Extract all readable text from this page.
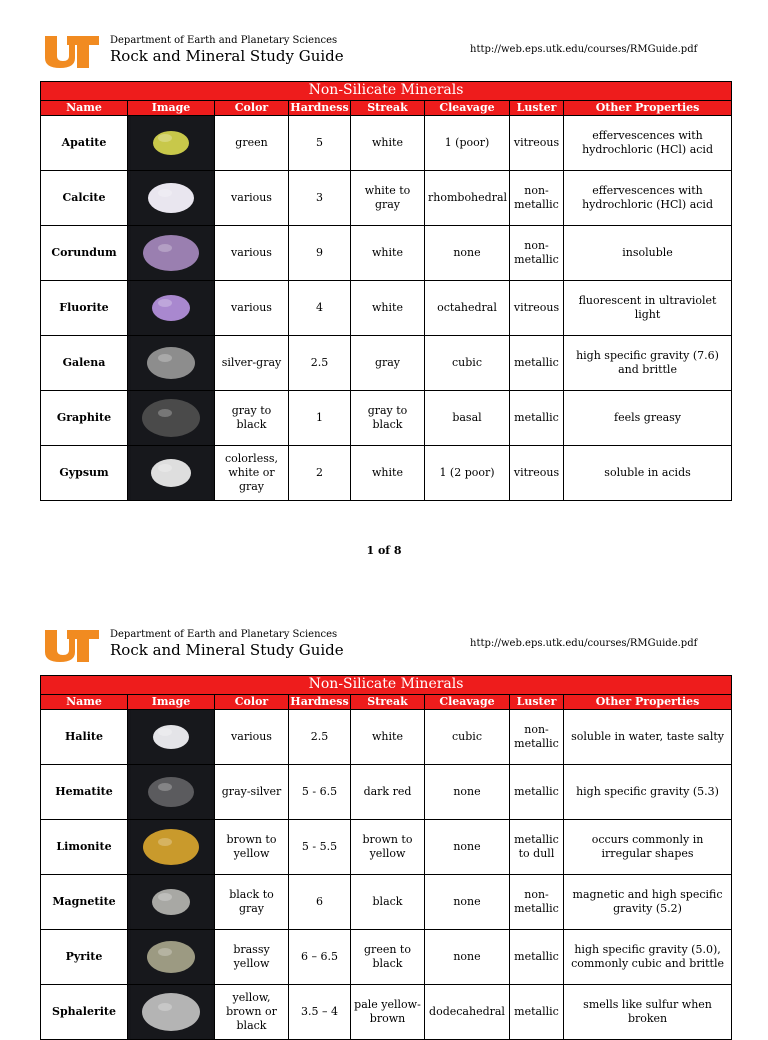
Department of Earth and Planetary Sciences
Rock and Mineral Study Guide	http://web.eps.utk.edu/courses/RMGuide.pdf
Non-Silicate Minerals							
Name	Image	Color	Hardness	Streak	Cleavage	Luster	Other Properties
Apatite		green	5	white	1 (poor)	vitreous	effervescences with hydrochloric (HCl) acid
Calcite		various	3	white to gray	rhombohedral	non-metallic	effervescences with hydrochloric (HCl) acid
Corundum		various	9	white	none	non-metallic	insoluble
Fluorite		various	4	white	octahedral	vitreous	fluorescent in ultraviolet light
Galena		silver-gray	2.5	gray	cubic	metallic	high specific gravity (7.6) and brittle
Graphite		gray to black	1	gray to black	basal	metallic	feels greasy
Gypsum		colorless, white or gray	2	white	1 (2 poor)	vitreous	soluble in acids
1 of 8
Department of Earth and Planetary Sciences
Rock and Mineral Study Guide	http://web.eps.utk.edu/courses/RMGuide.pdf
Non-Silicate Minerals							
Name	Image	Color	Hardness	Streak	Cleavage	Luster	Other Properties
Halite		various	2.5	white	cubic	non-metallic	soluble in water, taste salty
Hematite		gray-silver	5 - 6.5	dark red	none	metallic	high specific gravity (5.3)
Limonite		brown to yellow	5 - 5.5	brown to yellow	none	metallic to dull	occurs commonly in irregular shapes
Magnetite		black to gray	6	black	none	non-metallic	magnetic and high specific gravity (5.2)
Pyrite		brassy yellow	6 – 6.5	green to black	none	metallic	high specific gravity (5.0), commonly cubic and brittle
Sphalerite		yellow, brown or black	3.5 – 4	pale yellow-brown	dodecahedral	metallic	smells like sulfur when broken
